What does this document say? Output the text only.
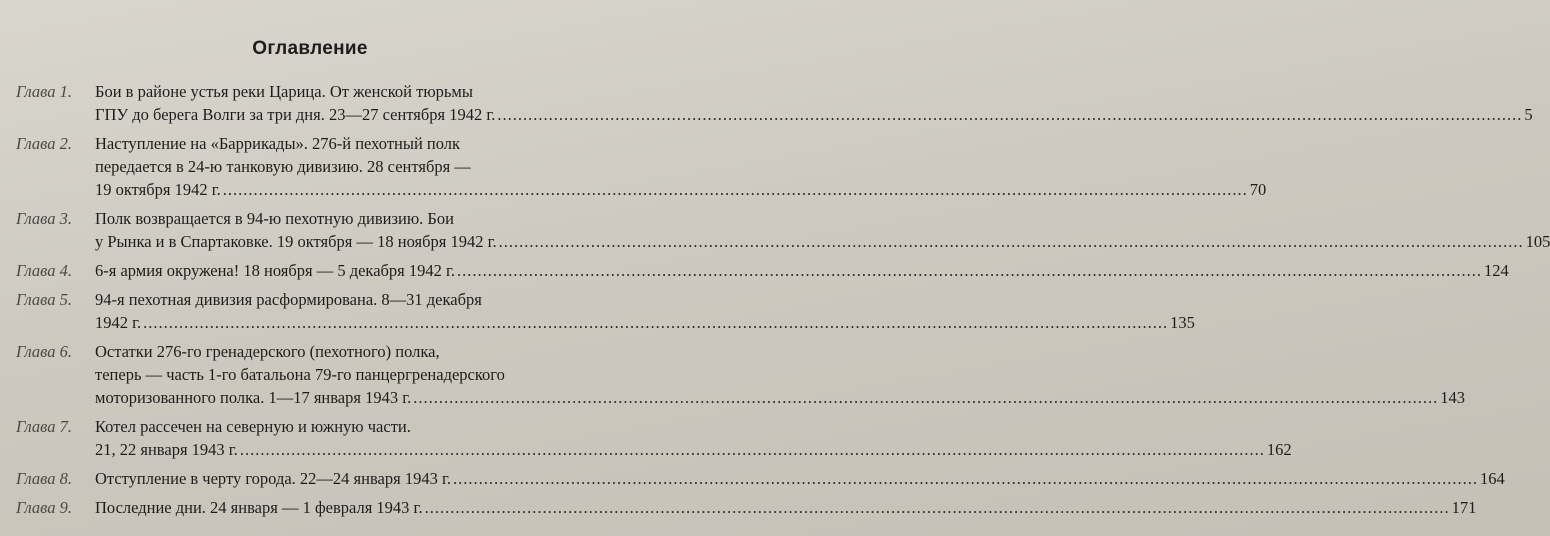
Оглавление
Глава 1.	Бои в районе устья реки Царица. От женской тюрьмы
ГПУ до берега Волги за три дня. 23—27 сентября 1942 г. ........................................................................................................................................................................................................ 5
Глава 2.	Наступление на «Баррикады». 276-й пехотный полк
передается в 24-ю танковую дивизию. 28 сентября —
19 октября 1942 г. ........................................................................................................................................................................................................ 70
Глава 3.	Полк возвращается в 94-ю пехотную дивизию. Бои
у Рынка и в Спартаковке. 19 октября — 18 ноября 1942 г. ........................................................................................................................................................................................................ 105
Глава 4.	6-я армия окружена! 18 ноября — 5 декабря 1942 г. ........................................................................................................................................................................................................ 124
Глава 5.	94-я пехотная дивизия расформирована. 8—31 декабря
1942 г. ........................................................................................................................................................................................................ 135
Глава 6.	Остатки 276-го гренадерского (пехотного) полка,
теперь — часть 1-го батальона 79-го панцергренадерского
моторизованного полка. 1—17 января 1943 г. ........................................................................................................................................................................................................ 143
Глава 7.	Котел рассечен на северную и южную части.
21, 22 января 1943 г. ........................................................................................................................................................................................................ 162
Глава 8.	Отступление в черту города. 22—24 января 1943 г. ........................................................................................................................................................................................................ 164
Глава 9.	Последние дни. 24 января — 1 февраля 1943 г. ........................................................................................................................................................................................................ 171
